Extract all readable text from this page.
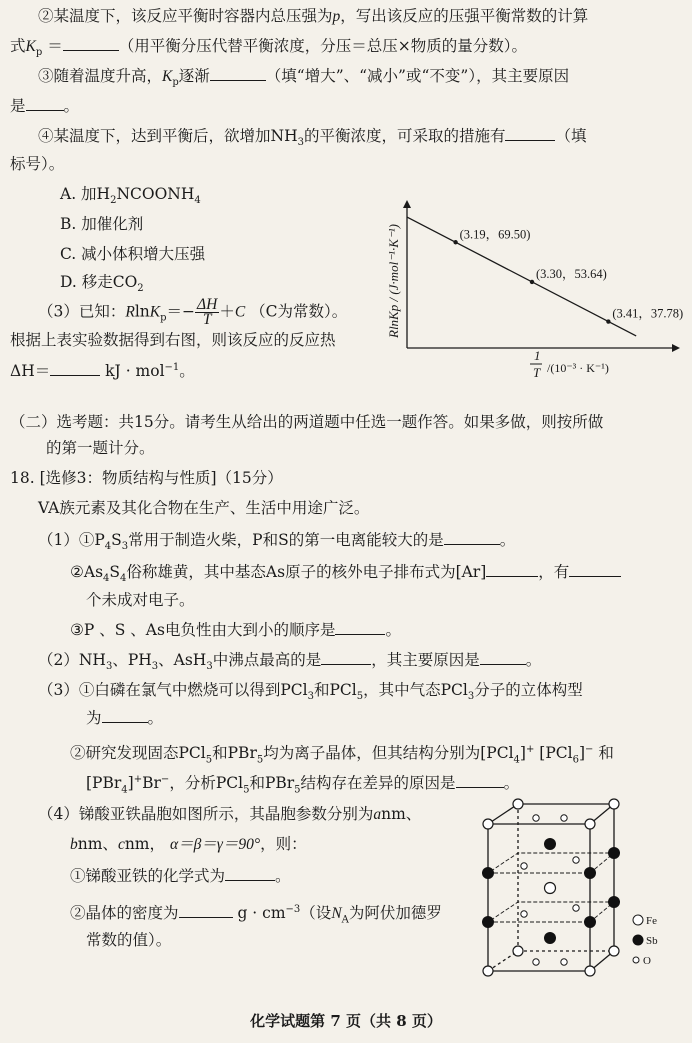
②某温度下，该反应平衡时容器内总压强为p，写出该反应的压强平衡常数的计算
式$K_p$ ＝	（用平衡分压代替平衡浓度，分压＝总压×物质的量分数）。
③随着温度升高，$K_p$逐渐	（填“增大”、“减小”或“不变”），其主要原因
是 。
④某温度下，达到平衡后，欲增加$NH_3$的平衡浓度，可采取的措施有	（填
标号）。
A. 加$H_2NCOONH_4$
B. 加催化剂
C. 减小体积增大压强
D. 移走$CO_2$
（3）已知：$RlnK_p=- \frac{\Delta H}{T} +C$ （C为常数）。
根据上表实验数据得到右图，则该反应的反应热
ΔH＝	kJ · mol$^{-1}$。
RlnKp / (J·mol⁻¹·K⁻¹)	(3.19，69.50)
(3.30，53.64)
(3.41，37.78)
1
T /(10⁻³ · K⁻¹)
（二）选考题：共15分。请考生从给出的两道题中任选一题作答。如果多做，则按所做
的第一题计分。
18. [选修3：物质结构与性质]（15分）
VA族元素及其化合物在生产、生活中用途广泛。
$(1)①P_4S_3$常用于制造火柴，P和S的第一电离能较大的是	。
$②As_4S_4$俗称雄黄，其中基态As原子的核外电子排布式为[Ar]	，有
个未成对电子。
③P 、S 、As电负性由大到小的顺序是	。
$(2)NH_3$、$PH_3$、AsH$_3$中沸点最高的是	，其主要原因是	。
（3）①白磷在氯气中燃烧可以得到PCl$_3$和PCl$_5$，其中气态PCl$_3$分子的立体构型
为	。
②研究发现固态PCl$_5$和PBr$_5$均为离子晶体，但其结构分别为[PCl$_4$]+ [PCl$_6$]− 和
[PBr$_4$]+Br−，分析PCl$_5$和PBr$_5$结构存在差异的原因是	。
（4）锑酸亚铁晶胞如图所示，其晶胞参数分别为anm、
bnm、cnm， α＝β＝γ＝90°，则：
①锑酸亚铁的化学式为	。
②晶体的密度为	$g \cdot cm^{-3}$（设$N_A$为阿伏加德罗
常数的值）。
Fe
Sb
O
化学试题第 7 页（共 8 页）
